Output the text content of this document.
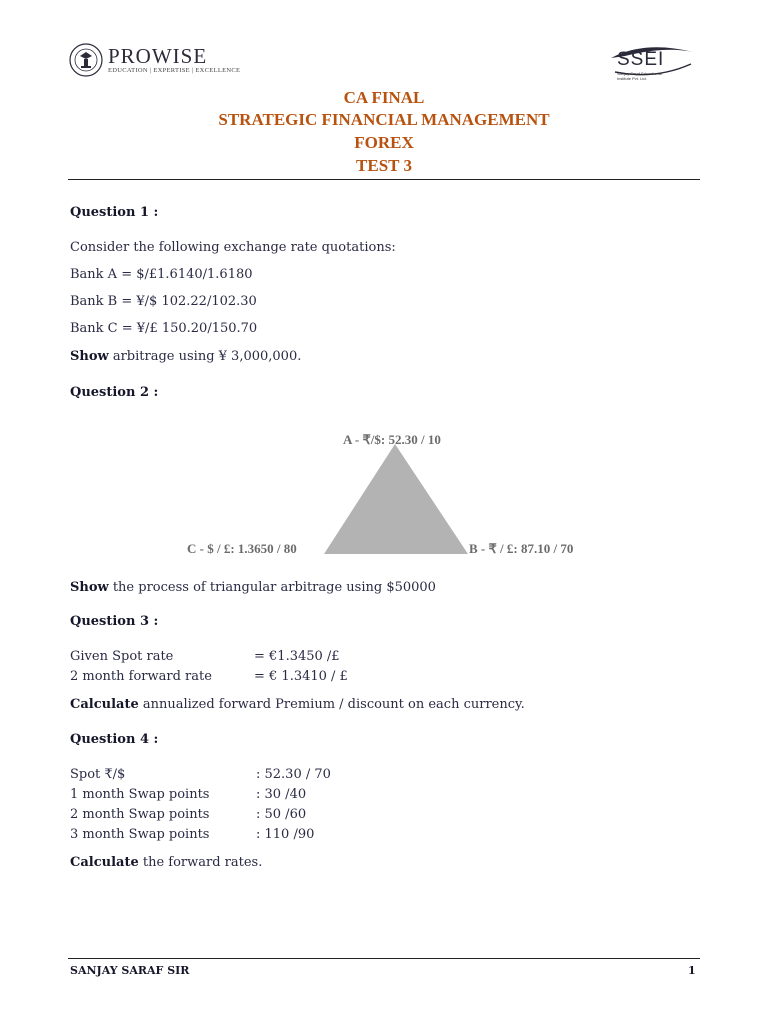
PROWISE
EDUCATION | EXPERTISE | EXCELLENCE
SSEI
Sanjay Saraf Educational Institute Pvt. Ltd.
CA FINAL
STRATEGIC FINANCIAL MANAGEMENT
FOREX
TEST 3
Question 1 :
Consider the following exchange rate quotations:
Bank A = $/£1.6140/1.6180
Bank B = ¥/$ 102.22/102.30
Bank C = ¥/£ 150.20/150.70
Show arbitrage using ¥ 3,000,000.
Question 2 :
A - ₹/$: 52.30 / 10
B - ₹ / £: 87.10 / 70
C - $ / £: 1.3650 / 80
Show the process of triangular arbitrage using $50000
Question 3 :
Given Spot rate	= €1.3450 /£
2 month forward rate	= € 1.3410 / £
Calculate annualized forward Premium / discount on each currency.
Question 4 :
Spot ₹/$	: 52.30 / 70
1 month Swap points	: 30 /40
2 month Swap points	: 50 /60
3 month Swap points	: 110 /90
Calculate the forward rates.
SANJAY SARAF SIR	1
